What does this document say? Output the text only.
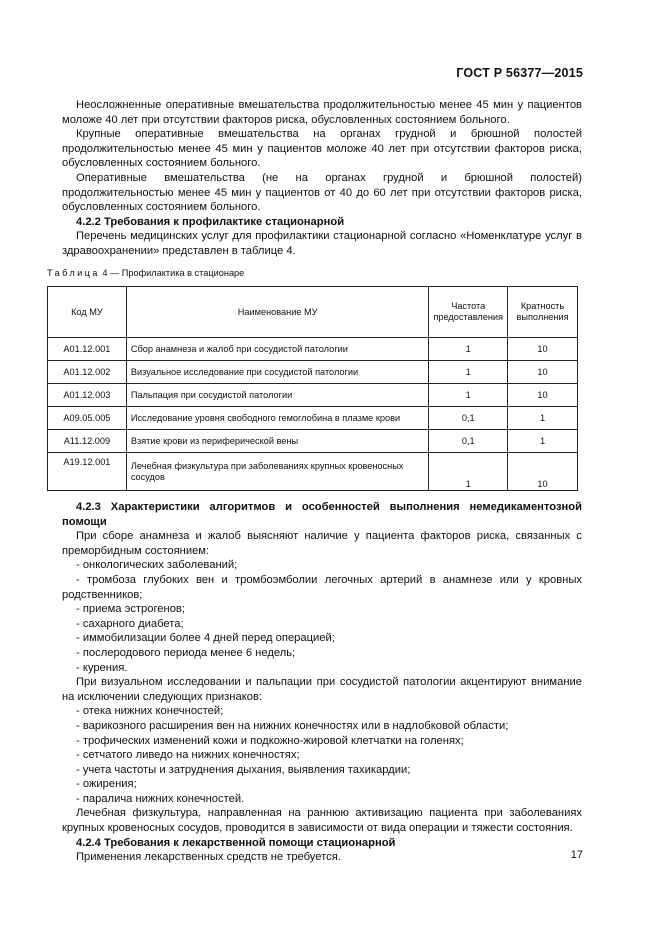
ГОСТ Р 56377—2015

Неосложненные оперативные вмешательства продолжительностью менее 45 мин у пациентов моложе 40 лет при отсутствии факторов риска, обусловленных состоянием больного.

Крупные оперативные вмешательства на органах грудной и брюшной полостей продолжительностью менее 45 мин у пациентов моложе 40 лет при отсутствии факторов риска, обусловленных состоянием больного.

Оперативные вмешательства (не на органах грудной и брюшной полостей) продолжительностью менее 45 мин у пациентов от 40 до 60 лет при отсутствии факторов риска, обусловленных состоянием больного.

4.2.2 Требования к профилактике стационарной

Перечень медицинских услуг для профилактики стационарной согласно «Номенклатуре услуг в здравоохранении» представлен в таблице 4.

Таблица 4 — Профилактика в стационаре
Код МУ	Наименование МУ	Частота предоставления	Кратность выполнения
A01.12.001	Сбор анамнеза и жалоб при сосудистой патологии	1	10
A01.12.002	Визуальное исследование при сосудистой патологии	1	10
A01.12.003	Пальпация при сосудистой патологии	1	10
A09.05.005	Исследование уровня свободного гемоглобина в плазме крови	0,1	1
A11.12.009	Взятие крови из периферической вены	0,1	1
A19.12.001	Лечебная физкультура при заболеваниях крупных кровеносных сосудов	1	10

4.2.3 Характеристики алгоритмов и особенностей выполнения немедикаментозной помощи

При сборе анамнеза и жалоб выясняют наличие у пациента факторов риска, связанных с преморбидным состоянием:

- онкологических заболеваний;

- тромбоза глубоких вен и тромбоэмболии легочных артерий в анамнезе или у кровных родственников;

- приема эстрогенов;

- сахарного диабета;

- иммобилизации более 4 дней перед операцией;

- послеродового периода менее 6 недель;

- курения.

При визуальном исследовании и пальпации при сосудистой патологии акцентируют внимание на исключении следующих признаков:

- отека нижних конечностей;

- варикозного расширения вен на нижних конечностях или в надлобковой области;

- трофических изменений кожи и подкожно-жировой клетчатки на голенях;

- сетчатого ливедо на нижних конечностях;

- учета частоты и затруднения дыхания, выявления тахикардии;

- ожирения;

- паралича нижних конечностей.

Лечебная физкультура, направленная на раннюю активизацию пациента при заболеваниях крупных кровеносных сосудов, проводится в зависимости от вида операции и тяжести состояния.

4.2.4 Требования к лекарственной помощи стационарной

Применения лекарственных средств не требуется.	17
